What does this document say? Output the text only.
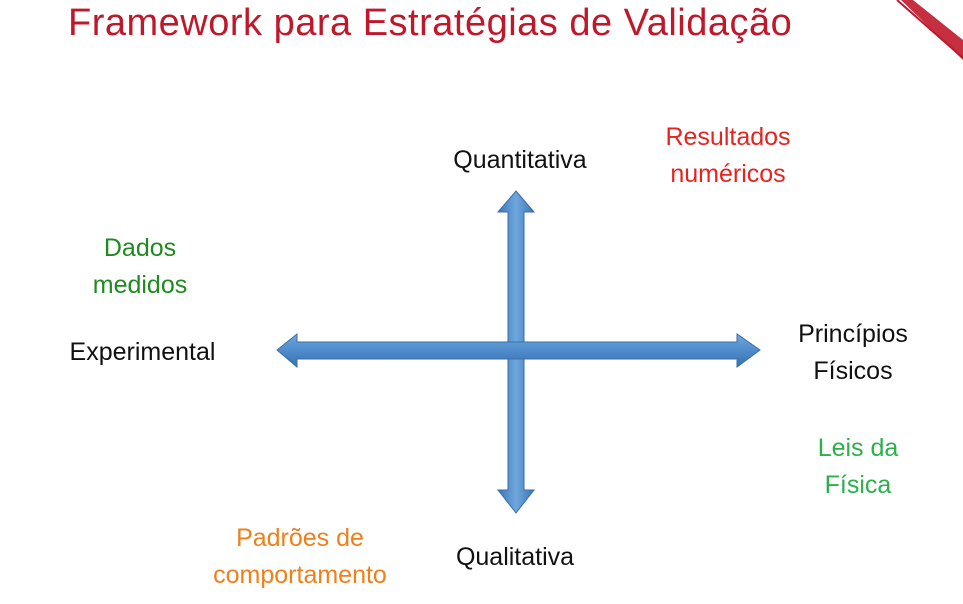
Framework para Estratégias de Validação
Quantitativa
Qualitativa
Experimental
Princípios
Físicos
Resultados
numéricos
Dados
medidos
Leis da
Física
Padrões de
comportamento
